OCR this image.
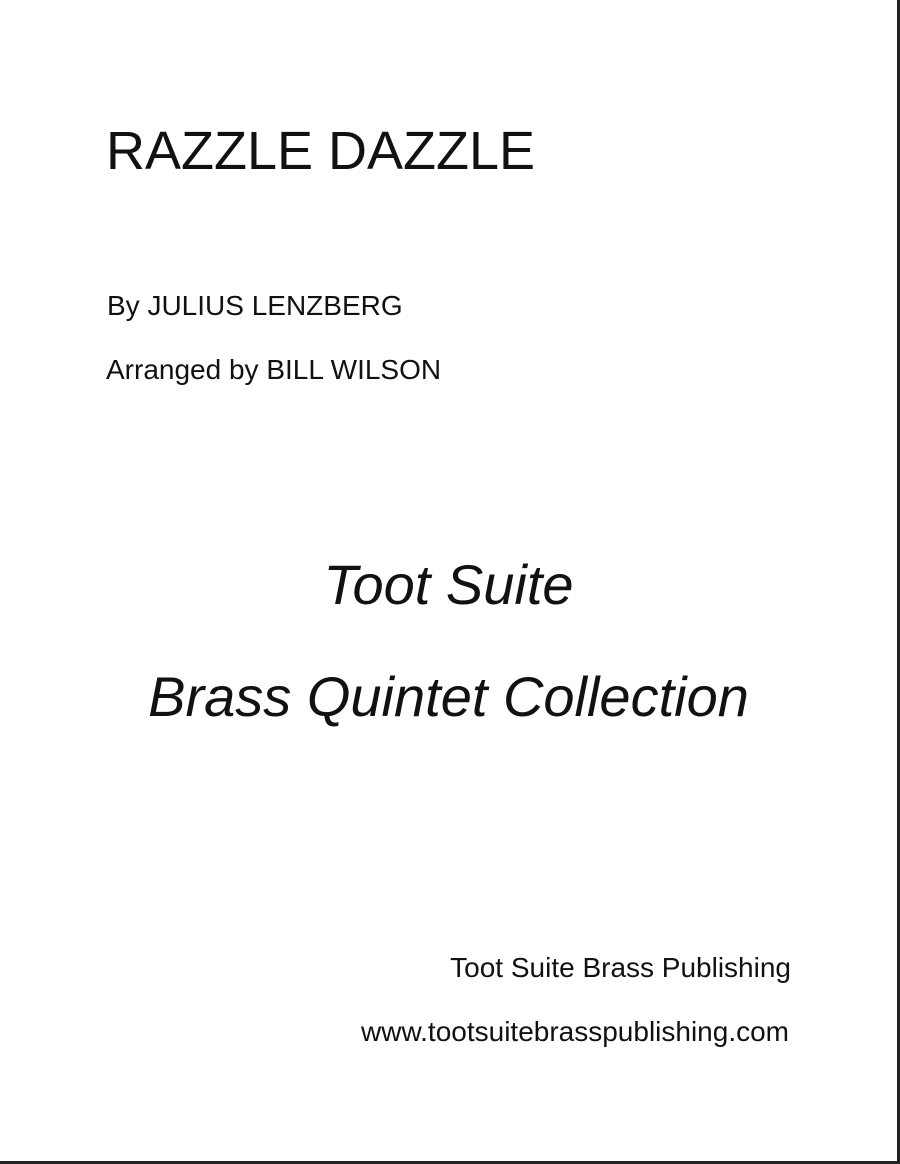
RAZZLE DAZZLE
By JULIUS LENZBERG
Arranged by BILL WILSON
Toot Suite
Brass Quintet Collection
Toot Suite Brass Publishing
www.tootsuitebrasspublishing.com
